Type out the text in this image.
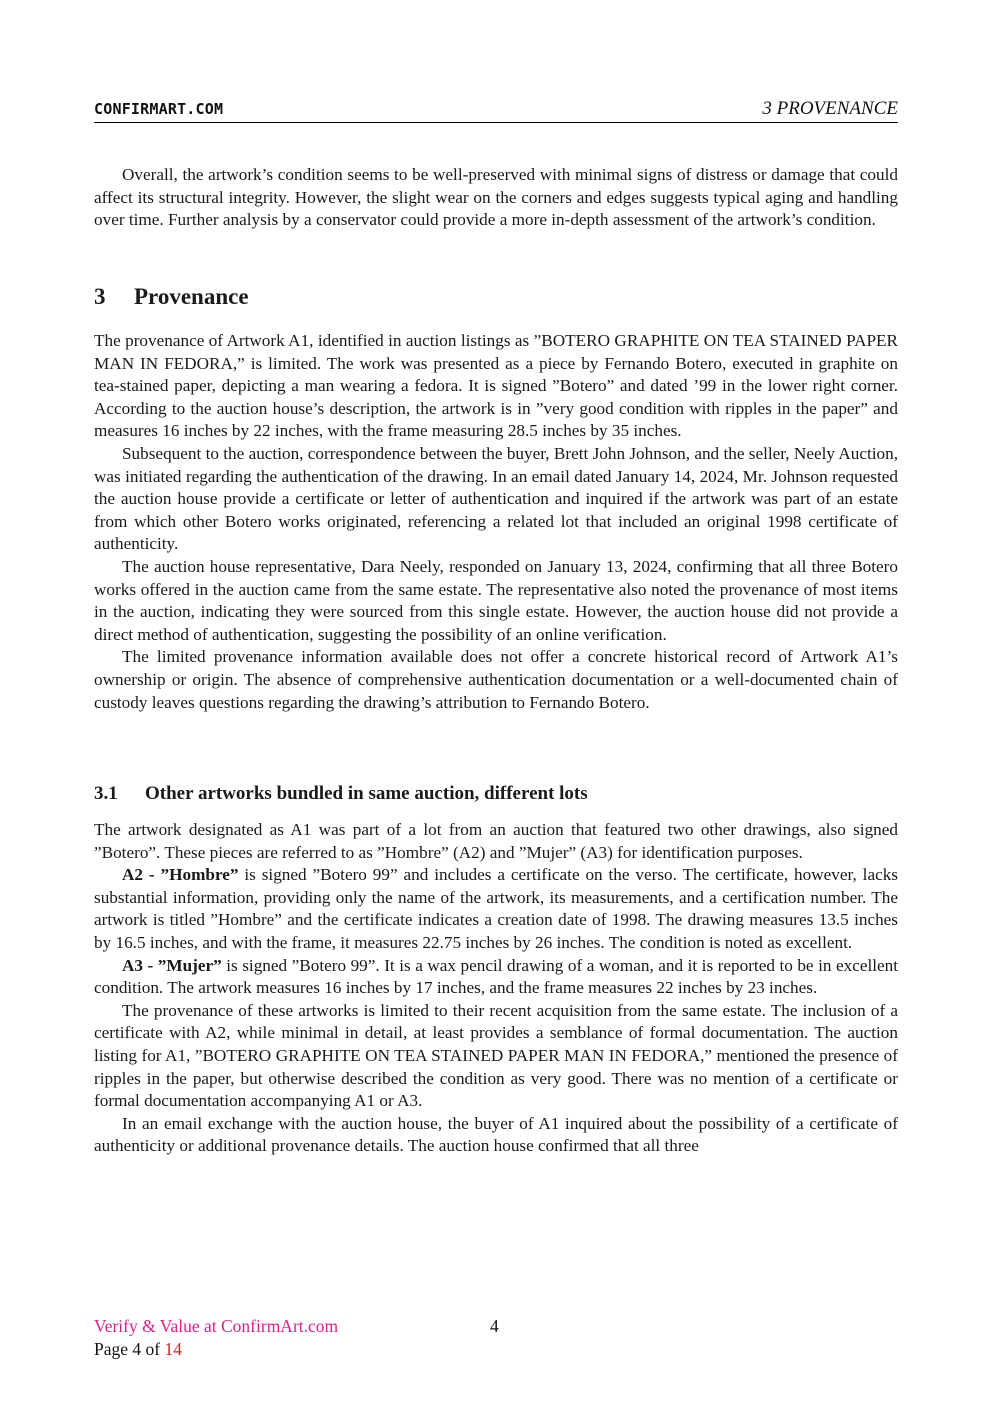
CONFIRMART.COM	3 PROVENANCE

Overall, the artwork’s condition seems to be well-preserved with minimal signs of distress or damage that could affect its structural integrity. However, the slight wear on the corners and edges suggests typical aging and handling over time. Further analysis by a conservator could provide a more in-depth assessment of the artwork’s condition.

3 Provenance

The provenance of Artwork A1, identified in auction listings as ”BOTERO GRAPHITE ON TEA STAINED PAPER MAN IN FEDORA,” is limited. The work was presented as a piece by Fernando Botero, executed in graphite on tea-stained paper, depicting a man wearing a fedora. It is signed ”Botero” and dated ’99 in the lower right corner. According to the auction house’s description, the artwork is in ”very good condition with ripples in the paper” and measures 16 inches by 22 inches, with the frame measuring 28.5 inches by 35 inches.

Subsequent to the auction, correspondence between the buyer, Brett John Johnson, and the seller, Neely Auction, was initiated regarding the authentication of the drawing. In an email dated January 14, 2024, Mr. Johnson requested the auction house provide a certificate or letter of authentication and inquired if the artwork was part of an estate from which other Botero works originated, referencing a related lot that included an original 1998 certificate of authenticity.

The auction house representative, Dara Neely, responded on January 13, 2024, confirming that all three Botero works offered in the auction came from the same estate. The representative also noted the provenance of most items in the auction, indicating they were sourced from this single estate. However, the auction house did not provide a direct method of authentication, suggesting the possibility of an online verification.

The limited provenance information available does not offer a concrete historical record of Artwork A1’s ownership or origin. The absence of comprehensive authentication documentation or a well-documented chain of custody leaves questions regarding the drawing’s attribution to Fernando Botero.

3.1 Other artworks bundled in same auction, different lots

The artwork designated as A1 was part of a lot from an auction that featured two other drawings, also signed ”Botero”. These pieces are referred to as ”Hombre” (A2) and ”Mujer” (A3) for identification purposes.

A2 - ”Hombre” is signed ”Botero 99” and includes a certificate on the verso. The certificate, however, lacks substantial information, providing only the name of the artwork, its measurements, and a certification number. The artwork is titled ”Hombre” and the certificate indicates a creation date of 1998. The drawing measures 13.5 inches by 16.5 inches, and with the frame, it measures 22.75 inches by 26 inches. The condition is noted as excellent.

A3 - ”Mujer” is signed ”Botero 99”. It is a wax pencil drawing of a woman, and it is reported to be in excellent condition. The artwork measures 16 inches by 17 inches, and the frame measures 22 inches by 23 inches.

The provenance of these artworks is limited to their recent acquisition from the same estate. The inclusion of a certificate with A2, while minimal in detail, at least provides a semblance of formal documentation. The auction listing for A1, ”BOTERO GRAPHITE ON TEA STAINED PAPER MAN IN FEDORA,” mentioned the presence of ripples in the paper, but otherwise described the condition as very good. There was no mention of a certificate or formal documentation accompanying A1 or A3.

In an email exchange with the auction house, the buyer of A1 inquired about the possibility of a certificate of authenticity or additional provenance details. The auction house confirmed that all three

Verify & Value at ConfirmArt.com	4
Page 4 of 14
